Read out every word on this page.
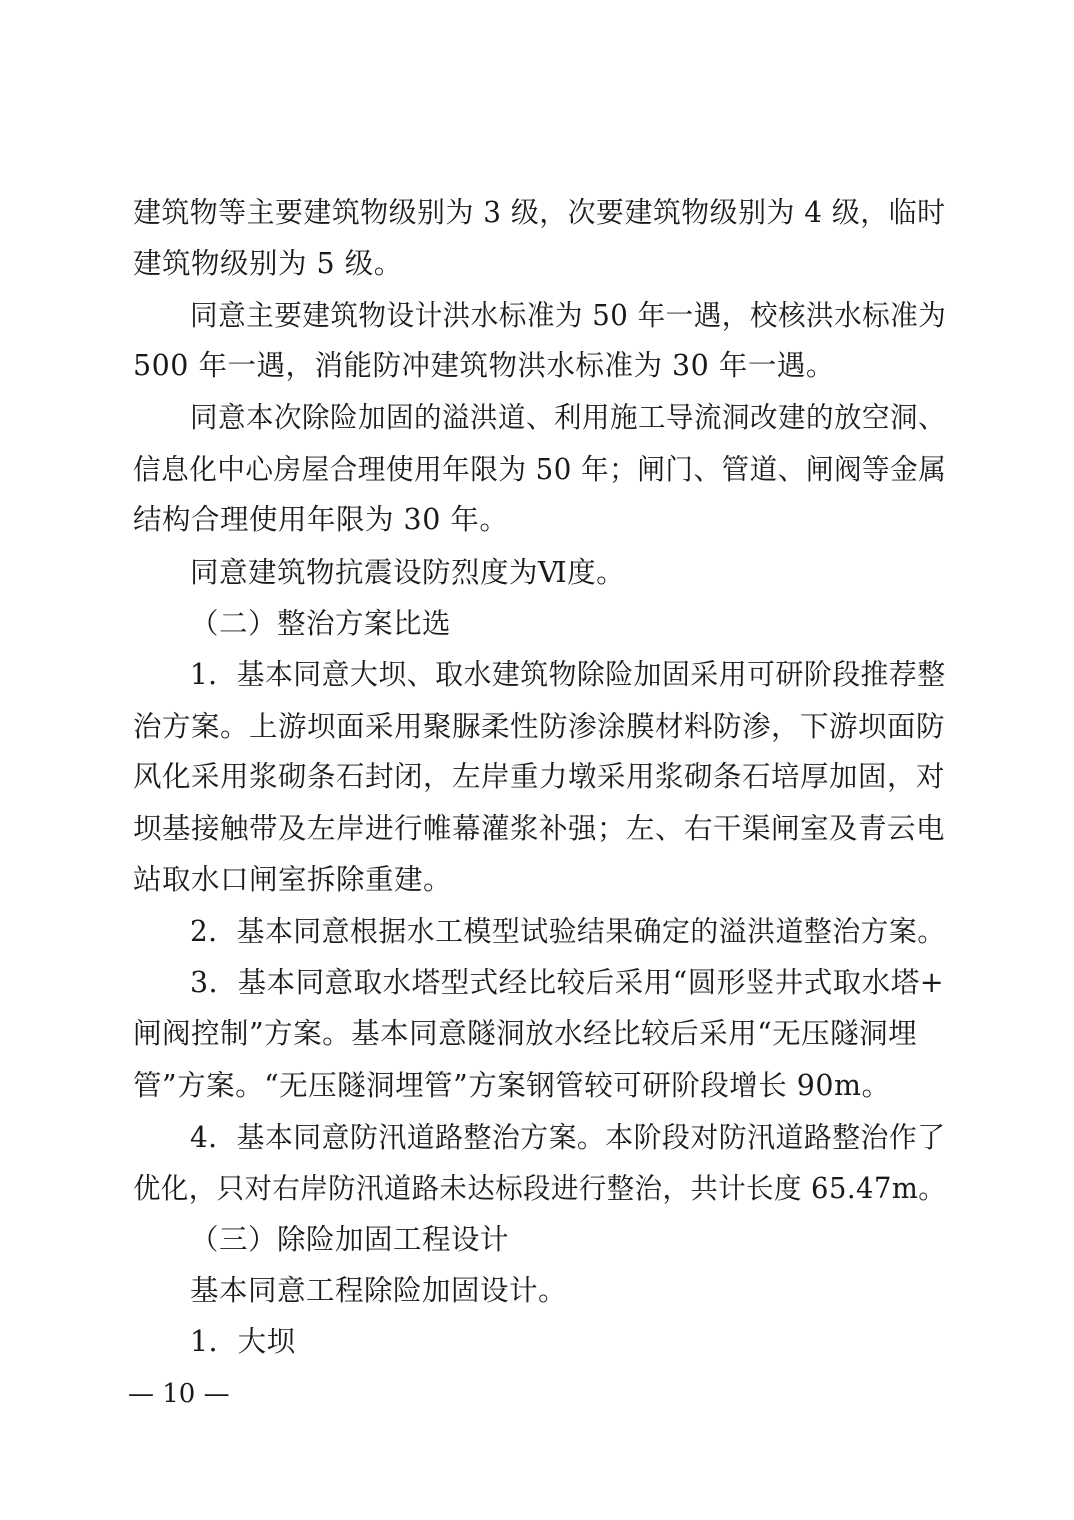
建筑物等主要建筑物级别为 3 级，次要建筑物级别为 4 级，临时
建筑物级别为 5 级。
同意主要建筑物设计洪水标准为 50 年一遇，校核洪水标准为
500 年一遇，消能防冲建筑物洪水标准为 30 年一遇。
同意本次除险加固的溢洪道、利用施工导流洞改建的放空洞、
信息化中心房屋合理使用年限为 50 年；闸门、管道、闸阀等金属
结构合理使用年限为 30 年。
同意建筑物抗震设防烈度为Ⅵ度。
（二）整治方案比选
1．基本同意大坝、取水建筑物除险加固采用可研阶段推荐整
治方案。上游坝面采用聚脲柔性防渗涂膜材料防渗，下游坝面防
风化采用浆砌条石封闭，左岸重力墩采用浆砌条石培厚加固，对
坝基接触带及左岸进行帷幕灌浆补强；左、右干渠闸室及青云电
站取水口闸室拆除重建。
2．基本同意根据水工模型试验结果确定的溢洪道整治方案。
3．基本同意取水塔型式经比较后采用“圆形竖井式取水塔+
闸阀控制”方案。基本同意隧洞放水经比较后采用“无压隧洞埋
管”方案。“无压隧洞埋管”方案钢管较可研阶段增长 90m。
4．基本同意防汛道路整治方案。本阶段对防汛道路整治作了
优化，只对右岸防汛道路未达标段进行整治，共计长度 65.47m。
（三）除险加固工程设计
基本同意工程除险加固设计。
1．大坝
— 10 —
